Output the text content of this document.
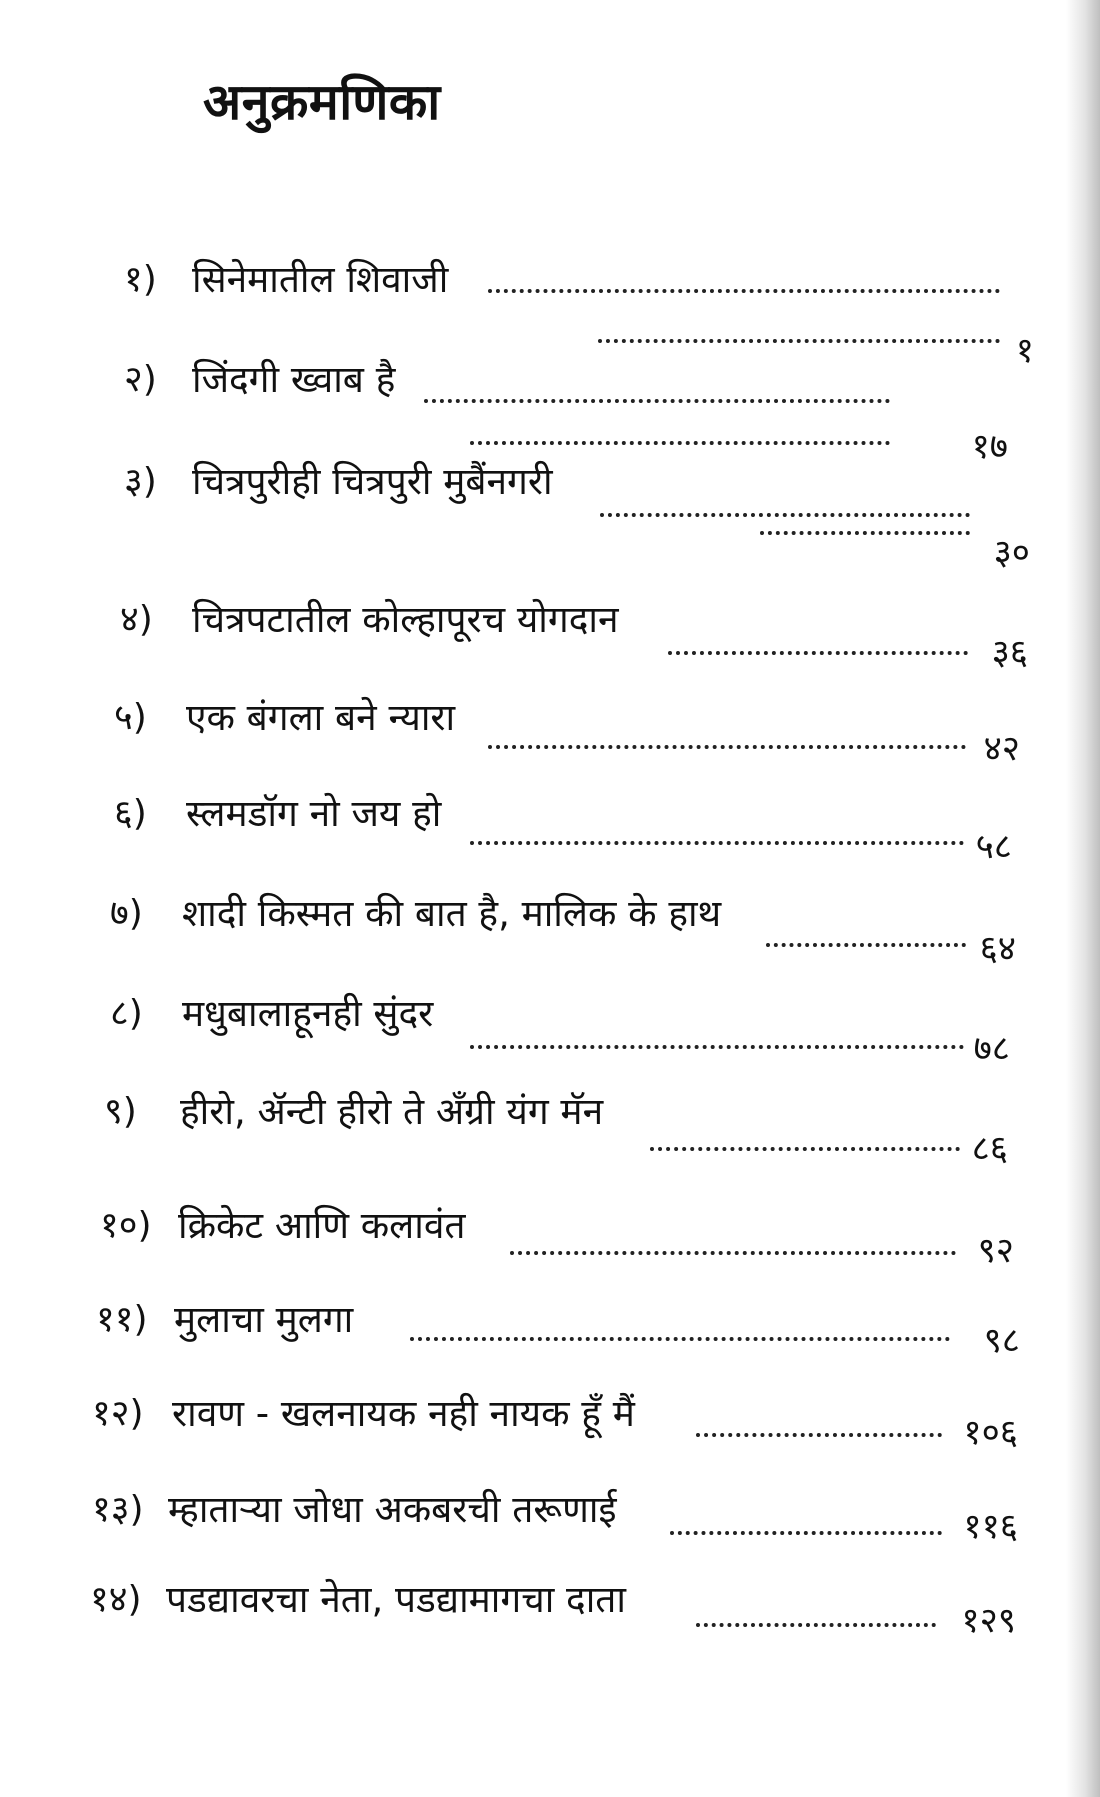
अनुक्रमणिका
१) सिनेमातील शिवाजी
१
२) जिंदगी ख्वाब है
१७
३) चित्रपुरीही चित्रपुरी मुबैंनगरी
३०
४) चित्रपटातील कोल्हापूरच योगदान
३६
५) एक बंगला बने न्यारा
४२
६) स्लमडॉग नो जय हो
५८
७) शादी किस्मत की बात है, मालिक के हाथ
६४
८) मधुबालाहूनही सुंदर
७८
९) हीरो, ॲन्टी हीरो ते अँग्री यंग मॅन
८६
१०) क्रिकेट आणि कलावंत
९२
११) मुलाचा मुलगा	९८
१२) रावण - खलनायक नही नायक हूँ मैं	१०६
१३) म्हाताऱ्या जोधा अकबरची तरूणाई	११६
१४) पडद्यावरचा नेता, पडद्यामागचा दाता	१२९
